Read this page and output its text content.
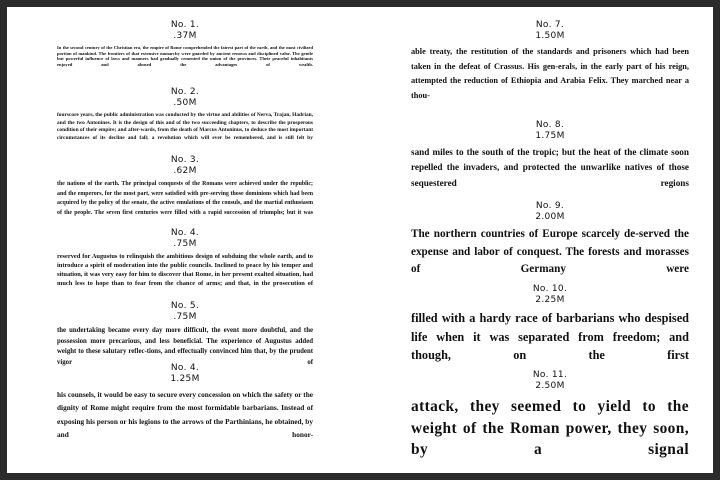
No. 1.
.37M
In the second century of the Christian era, the empire of Rome comprehended the fairest part of the earth, and the most civilized portion of mankind. The frontiers of that extensive monarchy were guarded by ancient renown and disciplined valor. The gentle but powerful influence of laws and manners had gradually cemented the union of the provinces. Their peaceful inhabitants enjoyed and abused the advantages of wealth.
No. 2.
.50M
fourscore years, the public administration was conducted by the virtue and abilities of Nerva, Trajan, Hadrian, and the two Antonines. It is the design of this and of the two succeeding chapters, to describe the prosperous condition of their empire; and after-wards, from the death of Marcus Antoninus, to deduce the most important circumstances of its decline and fall; a revolution which will ever be remembered, and is still felt by
No. 3.
.62M
the nations of the earth. The principal conquests of the Romans were achieved under the republic; and the emperors, for the most part, were satisfied with pre-serving those dominions which had been acquired by the policy of the senate, the active emulations of the consuls, and the martial enthusiasm of the people. The seven first centuries were filled with a rapid succession of triumphs; but it was
No. 4.
.75M
reserved for Augustus to relinquish the ambitious design of subduing the whole earth, and to introduce a spirit of moderation into the public councils. Inclined to peace by his temper and situation, it was very easy for him to discover that Rome, in her present exalted situation, had much less to hope than to fear from the chance of arms; and that, in the prosecution of
No. 5.
.75M
the undertaking became every day more difficult, the event more doubtful, and the possession more precarious, and less beneficial. The experience of Augustus added weight to these salutary reflec-tions, and effectually convinced him that, by the prudent vigor of
No. 4.
1.25M
his counsels, it would be easy to secure every concession on which the safety or the dignity of Rome might require from the most formidable barbarians. Instead of exposing his person or his legions to the arrows of the Parthinians, he obtained, by and honor-
No. 7.
1.50M
able treaty, the restitution of the standards and prisoners which had been taken in the defeat of Crassus. His gen-erals, in the early part of his reign, attempted the reduction of Ethiopia and Arabia Felix. They marched near a thou-
No. 8.
1.75M
sand miles to the south of the tropic; but the heat of the climate soon repelled the invaders, and protected the unwarlike natives of those sequestered regions
No. 9.
2.00M
The northern countries of Europe scarcely de-served the expense and labor of conquest. The forests and morasses of Germany were
No. 10.
2.25M
filled with a hardy race of barbarians who despised life when it was separated from freedom; and though, on the first
No. 11.
2.50M
attack, they seemed to yield to the weight of the Roman power, they soon, by a signal
